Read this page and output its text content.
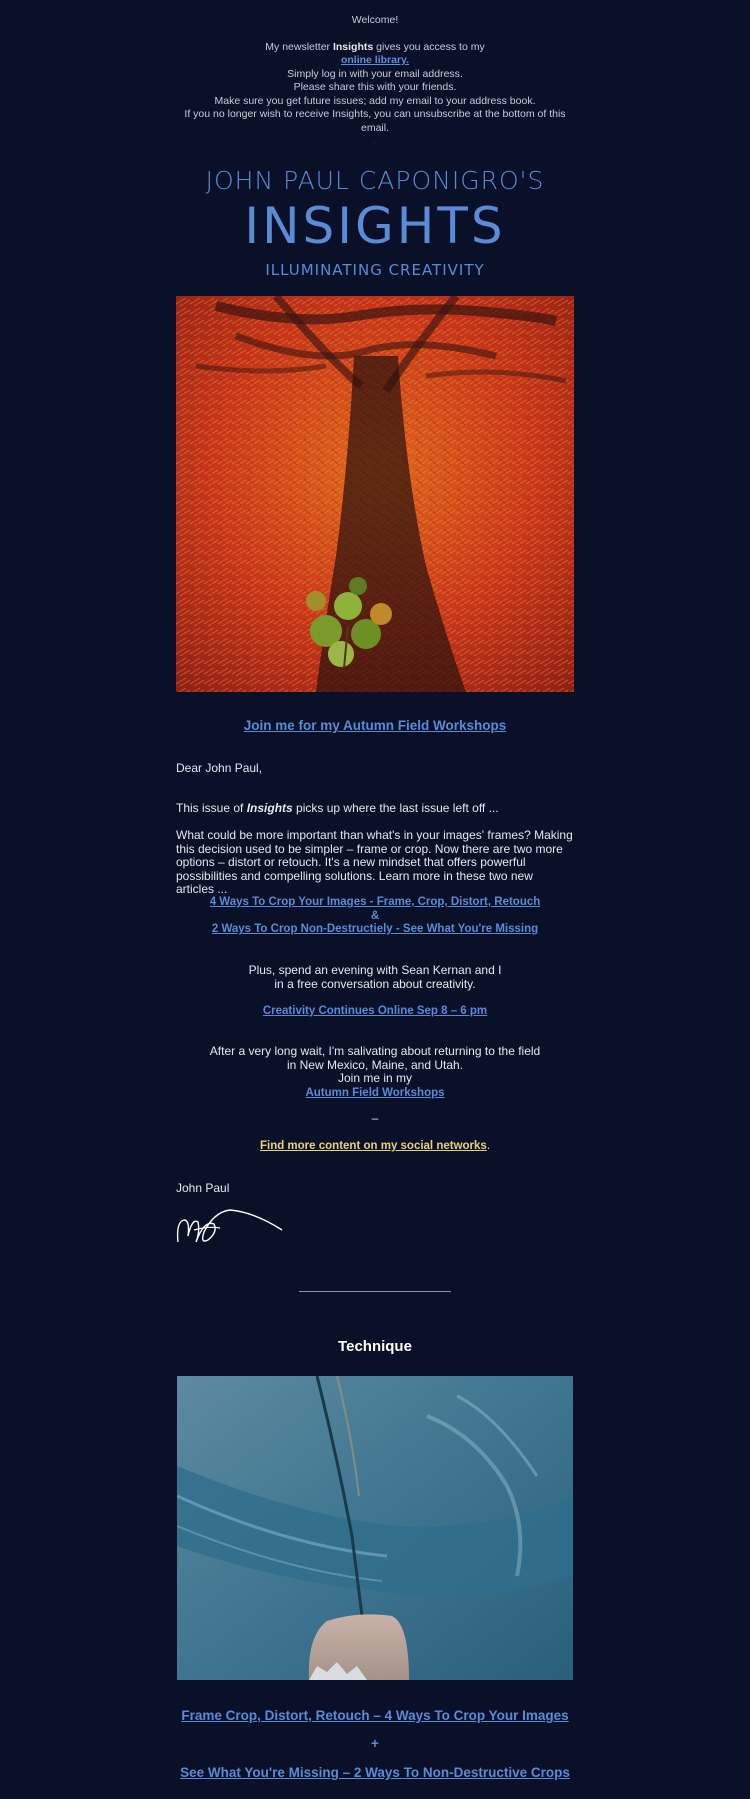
Welcome!

My newsletter Insights gives you access to my

online library.

Simply log in with your email address.

Please share this with your friends.

Make sure you get future issues; add my email to your address book.

If you no longer wish to receive Insights, you can unsubscribe at the bottom of this email.

.

JOHN PAUL CAPONIGRO'S

INSIGHTS

ILLUMINATING CREATIVITY

Join me for my Autumn Field Workshops
Dear John Paul,
This issue of Insights picks up where the last issue left off ...
What could be more important than what's in your images' frames? Making this decision used to be simpler – frame or crop. Now there are two more options – distort or retouch. It's a new mindset that offers powerful possibilities and compelling solutions. Learn more in these two new articles ...

4 Ways To Crop Your Images - Frame, Crop, Distort, Retouch

&

2 Ways To Crop Non-Destructiely - See What You're Missing

Plus, spend an evening with Sean Kernan and I

in a free conversation about creativity.

Creativity Continues Online Sep 8 – 6 pm

After a very long wait, I'm salivating about returning to the field

in New Mexico, Maine, and Utah.

Join me in my

Autumn Field Workshops

–
Find more content on my social networks.
John Paul
Technique
Frame Crop, Distort, Retouch – 4 Ways To Crop Your Images
+
See What You're Missing – 2 Ways To Non-Destructive Crops
